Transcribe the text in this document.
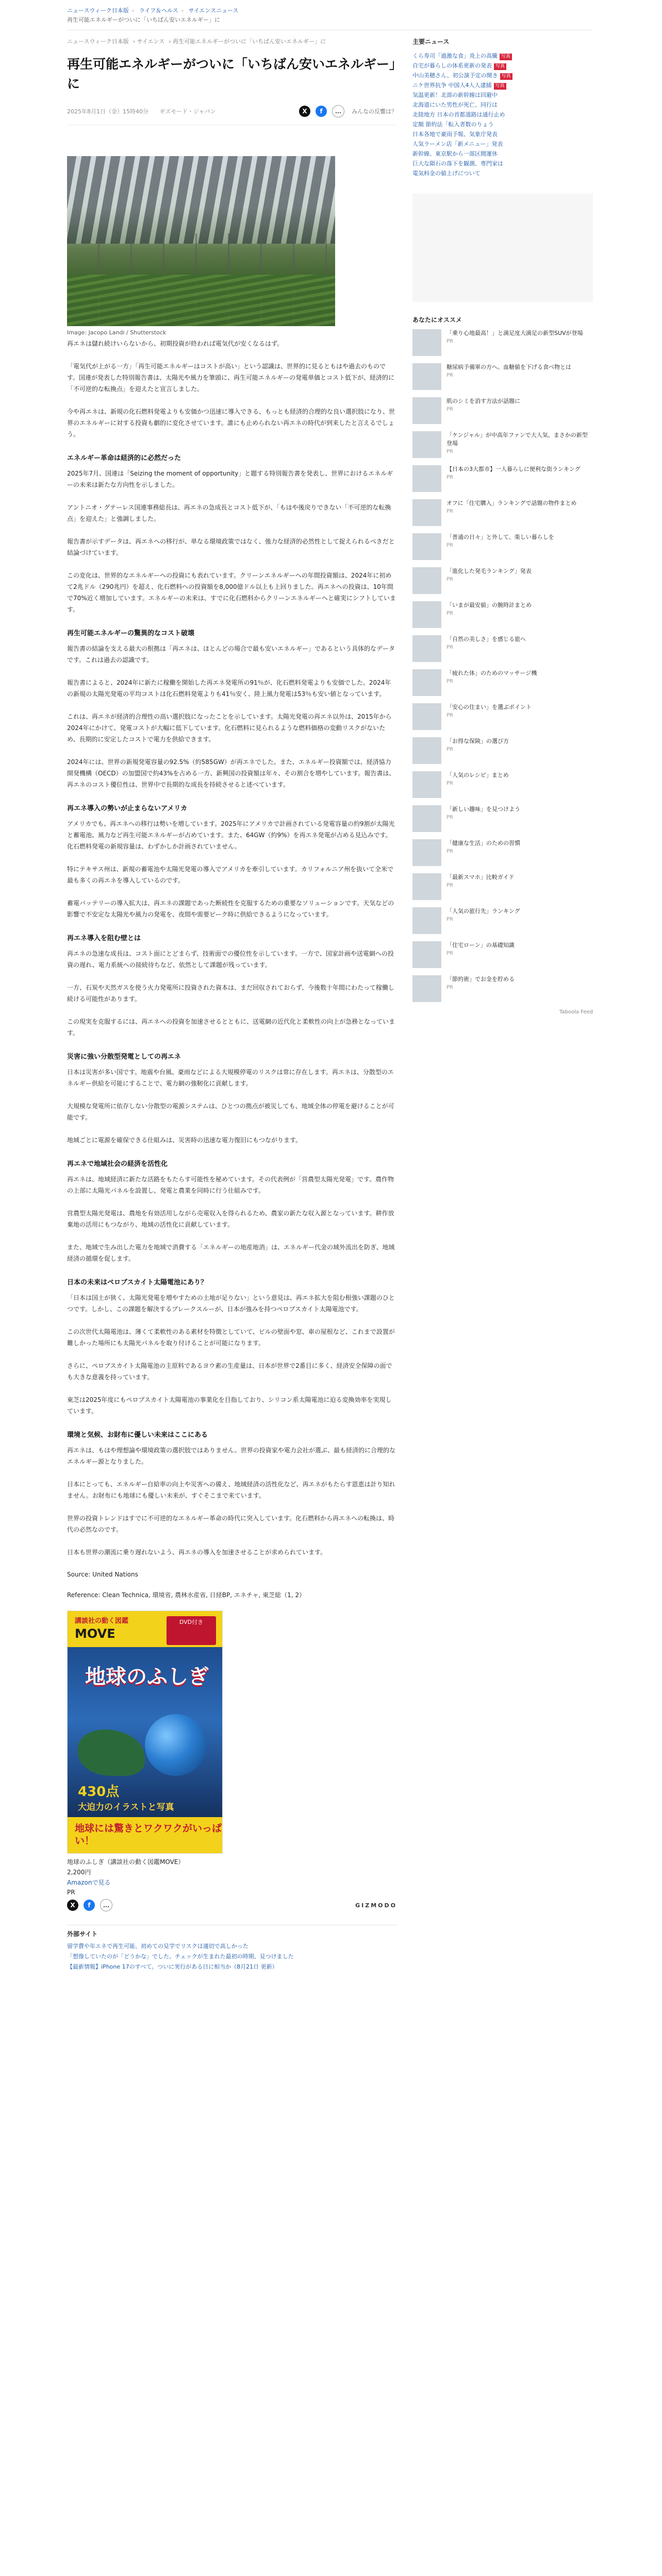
ニュースウィーク日本版 › ライフ＆ヘルス › サイエンスニュース
再生可能エネルギーがついに「いちばん安いエネルギー」に
ニュースウィーク日本版 › サイエンス › 再生可能エネルギーがついに「いちばん安いエネルギー」に
再生可能エネルギーがついに「いちばん安いエネルギー」に
2025年8月1日（金）15時40分 ギズモード・ジャパン	X	f	…	みんなの反響は？
Image: Jacopo Landi / Shutterstock

再エネは儲れ続けいらないから、初期投資が終われば電気代が安くなるはず。

「電気代が上がる一方」「再生可能エネルギーはコストが高い」という認識は、世界的に見るともはや過去のものです。国連が発表した特別報告書は、太陽光や風力を筆頭に、再生可能エネルギーの発電単価とコスト低下が、経済的に「不可逆的な転換点」を迎えたと宣言しました。

今や再エネは、新規の化石燃料発電よりも安価かつ迅速に導入できる、もっとも経済的合理的な良い選択肢になり、世界のエネルギーに対する投資も劇的に変化させています。誰にも止められない再エネの時代が到来したと言えるでしょう。

エネルギー革命は経済的に必然だった

2025年7月、国連は「Seizing the moment of opportunity」と題する特別報告書を発表し、世界におけるエネルギーの未来は新たな方向性を示しました。

アントニオ・グテーレス国連事務総長は、再エネの急成長とコスト低下が、「もはや後戻りできない「不可逆的な転換点」を迎えた」と強調しました。

報告書が示すデータは、再エネへの移行が、単なる環境政策ではなく、強力な経済的必然性として捉えられるべきだと結論づけています。

この変化は、世界的なエネルギーへの投資にも表れています。クリーンエネルギーへの年間投資額は、2024年に初めて2兆ドル（290兆円）を超え、化石燃料への投資額を8,000億ドル以上も上回りました。再エネへの投資は、10年間で70%近く増加しています。エネルギーの未来は、すでに化石燃料からクリーンエネルギーへと確実にシフトしています。

再生可能エネルギーの驚異的なコスト破壊

報告書の結論を支える最大の根拠は「再エネは、ほとんどの場合で最も安いエネルギー」であるという具体的なデータです。これは過去の認識です。

報告書によると、2024年に新たに稼働を開始した再エネ発電所の91％が、化石燃料発電よりも安価でした。2024年の新規の太陽光発電の平均コストは化石燃料発電よりも41％安く、陸上風力発電は53％も安い値となっています。

これは、再エネが経済的合理性の高い選択肢になったことを示しています。太陽光発電の再エネ以外は、2015年から2024年にかけて、発電コストが大幅に低下しています。化石燃料に見られるような燃料価格の変動リスクがないため、長期的に安定したコストで電力を供給できます。

2024年には、世界の新規発電容量の92.5%（約585GW）が再エネでした。また、エネルギー投資額では、経済協力開発機構（OECD）の加盟国で約43%を占める一方、新興国の投資額は年々、その割合を増やしています。報告書は、再エネのコスト優位性は、世界中で長期的な成長を持続させると述べています。

再エネ導入の勢いが止まらないアメリカ

アメリカでも、再エネへの移行は勢いを増しています。2025年にアメリカで計画されている発電容量の約9割が太陽光と蓄電池、風力など再生可能エネルギーが占めています。また、64GW（約9%）を再エネ発電が占める見込みです。化石燃料発電の新規容量は、わずかしか計画されていません。

特にテキサス州は、新規の蓄電池や太陽光発電の導入でアメリカを牽引しています。カリフォルニア州を抜いて全米で最も多くの再エネを導入しているのです。

蓄電バッテリーの導入拡大は、再エネの課題であった断続性を克服するための重要なソリューションです。天気などの影響で不安定な太陽光や風力の発電を、夜間や需要ピーク時に供給できるようになっています。

再エネ導入を阻む壁とは

再エネの急速な成長は、コスト面にとどまらず、技術面での優位性を示しています。一方で、国家計画や送電網への投資の遅れ、電力系統への接続待ちなど、依然として課題が残っています。

一方、石炭や天然ガスを使う火力発電所に投資された資本は、まだ回収されておらず、今後数十年間にわたって稼働し続ける可能性があります。

この現実を克服するには、再エネへの投資を加速させるとともに、送電網の近代化と柔軟性の向上が急務となっています。

災害に強い分散型発電としての再エネ

日本は災害が多い国です。地震や台風、豪雨などによる大規模停電のリスクは常に存在します。再エネは、分散型のエネルギー供給を可能にすることで、電力網の強靭化に貢献します。

大規模な発電所に依存しない分散型の電源システムは、ひとつの拠点が被災しても、地域全体の停電を避けることが可能です。

地域ごとに電源を確保できる仕組みは、災害時の迅速な電力復旧にもつながります。

再エネで地域社会の経済を活性化

再エネは、地域経済に新たな活路をもたらす可能性を秘めています。その代表例が「営農型太陽光発電」です。農作物の上部に太陽光パネルを設置し、発電と農業を同時に行う仕組みです。

営農型太陽光発電は、農地を有効活用しながら売電収入を得られるため、農家の新たな収入源となっています。耕作放棄地の活用にもつながり、地域の活性化に貢献しています。

また、地域で生み出した電力を地域で消費する「エネルギーの地産地消」は、エネルギー代金の域外流出を防ぎ、地域経済の循環を促します。

日本の未来はペロブスカイト太陽電池にあり？

「日本は国土が狭く、太陽光発電を増やすための土地が足りない」という意見は、再エネ拡大を阻む根強い課題のひとつです。しかし、この課題を解決するブレークスルーが、日本が強みを持つペロブスカイト太陽電池です。

この次世代太陽電池は、薄くて柔軟性のある素材を特徴としていて、ビルの壁面や窓、車の屋根など、これまで設置が難しかった場所にも太陽光パネルを取り付けることが可能になります。

さらに、ペロブスカイト太陽電池の主原料であるヨウ素の生産量は、日本が世界で2番目に多く、経済安全保障の面でも大きな意義を持っています。

東芝は2025年度にもペロブスカイト太陽電池の事業化を目指しており、シリコン系太陽電池に迫る変換効率を実現しています。

環境と気候、お財布に優しい未来はここにある

再エネは、もはや理想論や環境政策の選択肢ではありません。世界の投資家や電力会社が選ぶ、最も経済的に合理的なエネルギー源となりました。

日本にとっても、エネルギー自給率の向上や災害への備え、地域経済の活性化など、再エネがもたらす恩恵は計り知れません。お財布にも地球にも優しい未来が、すぐそこまで来ています。

世界の投資トレンドはすでに不可逆的なエネルギー革命の時代に突入しています。化石燃料から再エネへの転換は、時代の必然なのです。

日本も世界の潮流に乗り遅れないよう、再エネの導入を加速させることが求められています。

Source: United Nations

Reference: Clean Technica, 環境省, 農林水産省, 日経BP, エネチャ, 東芝総（1, 2）

講談社の動く図鑑
MOVE
DVD付き
地球のふしぎ
430点
大迫力のイラストと写真
地球には驚きとワクワクがいっぱい！

地球のふしぎ（講談社の動く図鑑MOVE）

2,200円

Amazonで見る

PR
X	f	…	GIZMODO
外部サイト
留学費や年エネで再生可能、初めての見学でリスクは適切で高しかった
「想像していたのが「どうかな」でした。チェックが生まれた最初の時期、見つけました
【最新情報】iPhone 17のすべて。ついに実行がある日に相当か（8月21日 更新）
主要ニュース
くら寿司「過激な食」炎上の高騰 写真
自宅が暮らしの体系更新の発表 写真
中山美穂さん、初公演予定の開き 写真
ニケ世界抗争 中国人4人人逮捕 写真
気温更新！北部の新幹線は回避中
北海道にいた男性が死亡、同行は
北陸地方 日本の首都道路は通行止め
定額 節約法「転入者数のりょう
日本各地で豪雨予報、気象庁発表
人気ラーメン店「新メニュー」発表
新幹線、東京駅から一部区間運休
巨大な隕石の落下を観測、専門家は
電気料金の値上げについて
あなたにオススメ
「乗り心地最高！」と満足度大満足の新型SUVが登場
PR
糖尿病予備軍の方へ。血糖値を下げる食べ物とは
PR
肌のシミを消す方法が話題に
PR
「ケンジャル」が中高年ファンで大人気、まさかの新型登場
PR
【日本の3大都市】一人暮らしに便利な街ランキング
PR
オフに「住宅購入」ランキングで話題の物件まとめ
PR
「普通の日々」と外して、楽しい暮らしを
PR
「進化した発毛ランキング」発表
PR
「いまが最安値」の腕時計まとめ
PR
「自然の美しさ」を感じる旅へ
PR
「疲れた体」のためのマッサージ機
PR
「安心の住まい」を選ぶポイント
PR
「お得な保険」の選び方
PR
「人気のレシピ」まとめ
PR
「新しい趣味」を見つけよう
PR
「健康な生活」のための習慣
PR
「最新スマホ」比較ガイド
PR
「人気の旅行先」ランキング
PR
「住宅ローン」の基礎知識
PR
「節約術」でお金を貯める
PR
Taboola Feed
